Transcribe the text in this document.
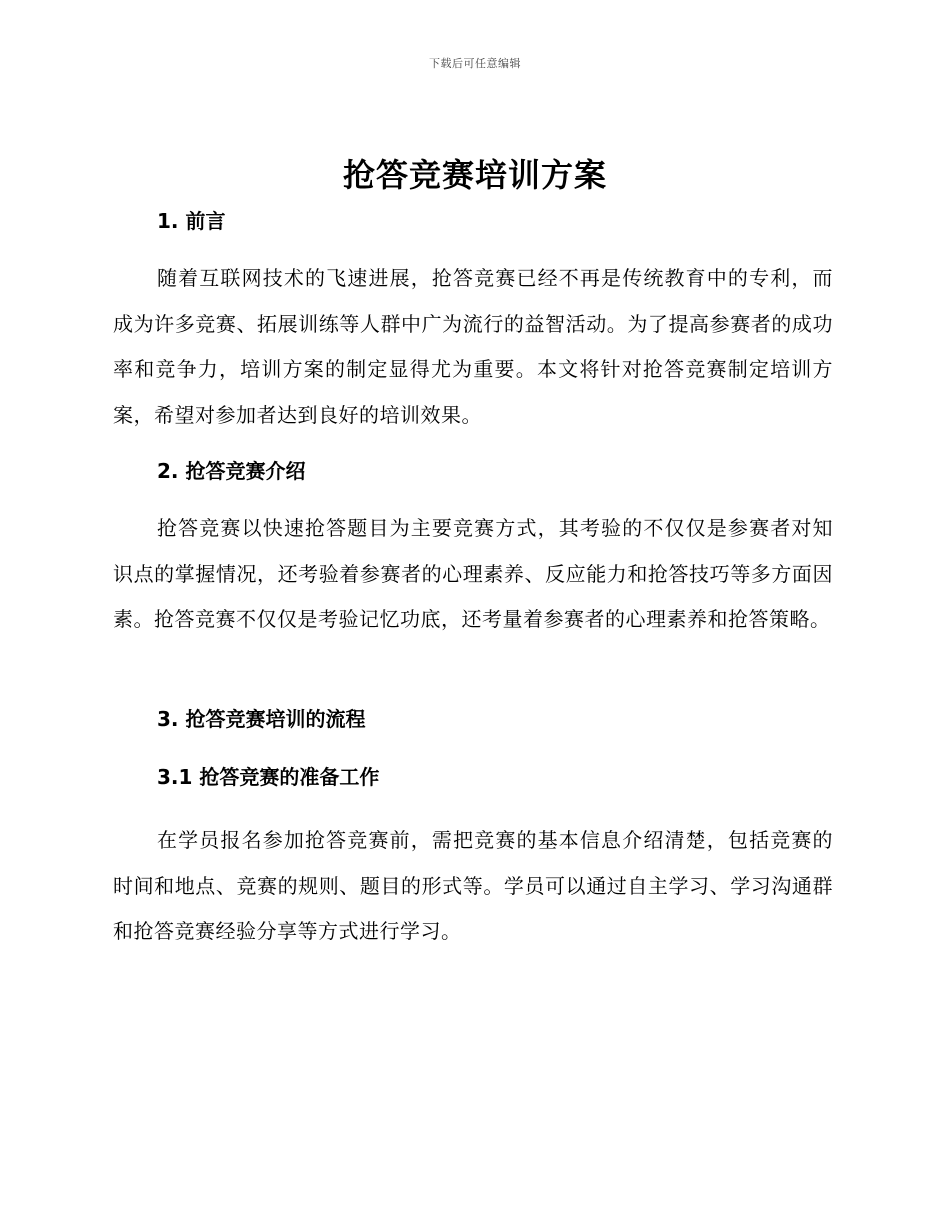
下载后可任意编辑
抢答竞赛培训方案
1. 前言
随着互联网技术的飞速进展，抢答竞赛已经不再是传统教育中的专利，而成为许多竞赛、拓展训练等人群中广为流行的益智活动。为了提高参赛者的成功率和竞争力，培训方案的制定显得尤为重要。本文将针对抢答竞赛制定培训方案，希望对参加者达到良好的培训效果。
2. 抢答竞赛介绍
抢答竞赛以快速抢答题目为主要竞赛方式，其考验的不仅仅是参赛者对知识点的掌握情况，还考验着参赛者的心理素养、反应能力和抢答技巧等多方面因素。抢答竞赛不仅仅是考验记忆功底，还考量着参赛者的心理素养和抢答策略。
3. 抢答竞赛培训的流程
3.1 抢答竞赛的准备工作
在学员报名参加抢答竞赛前，需把竞赛的基本信息介绍清楚，包括竞赛的时间和地点、竞赛的规则、题目的形式等。学员可以通过自主学习、学习沟通群和抢答竞赛经验分享等方式进行学习。
